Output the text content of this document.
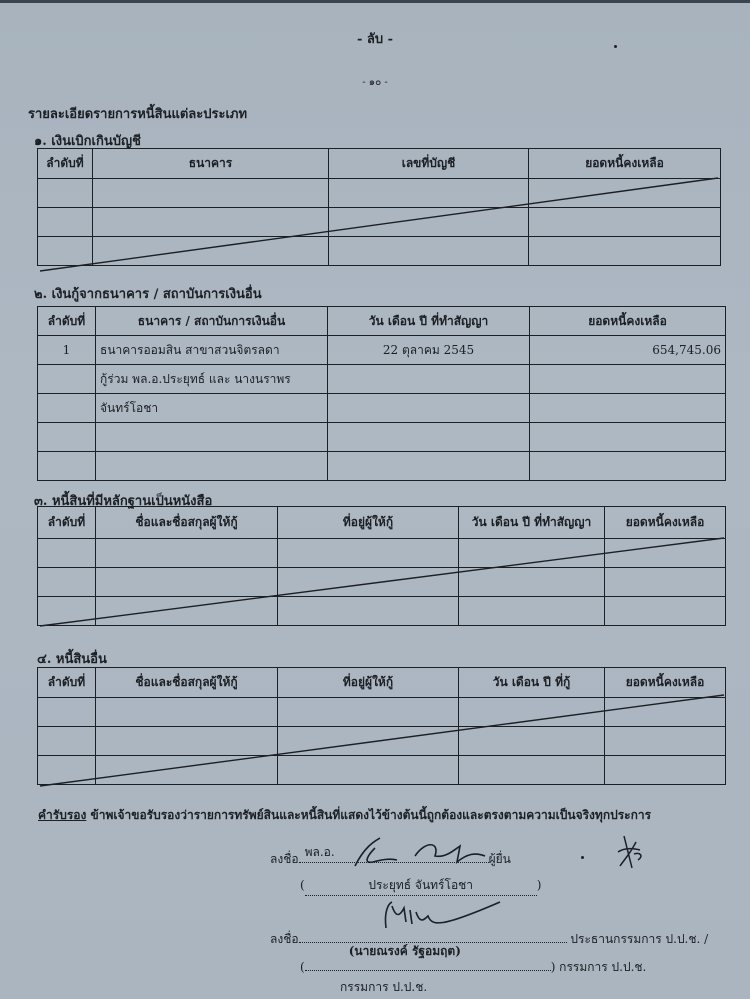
- ลับ -
- ๑๐ -
รายละเอียดรายการหนี้สินแต่ละประเภท
๑. เงินเบิกเกินบัญชี
ลำดับที่	ธนาคาร	เลขที่บัญชี	ยอดหนี้คงเหลือ

๒. เงินกู้จากธนาคาร / สถาบันการเงินอื่น
ลำดับที่	ธนาคาร / สถาบันการเงินอื่น	วัน เดือน ปี ที่ทำสัญญา	ยอดหนี้คงเหลือ
1	ธนาคารออมสิน สาขาสวนจิตรลดา	22 ตุลาคม 2545	654,745.06
	กู้ร่วม พล.อ.ประยุทธ์ และ นางนราพร		
	จันทร์โอชา		

๓. หนี้สินที่มีหลักฐานเป็นหนังสือ
ลำดับที่	ชื่อและชื่อสกุลผู้ให้กู้	ที่อยู่ผู้ให้กู้	วัน เดือน ปี ที่ทำสัญญา	ยอดหนี้คงเหลือ

๔. หนี้สินอื่น
ลำดับที่	ชื่อและชื่อสกุลผู้ให้กู้	ที่อยู่ผู้ให้กู้	วัน เดือน ปี ที่กู้	ยอดหนี้คงเหลือ

คำรับรอง ข้าพเจ้าขอรับรองว่ารายการทรัพย์สินและหนี้สินที่แสดงไว้ข้างต้นนี้ถูกต้องและตรงตามความเป็นจริงทุกประการ
ลงชื่อ พล.อ.	ผู้ยื่น
(	ประยุทธ์ จันทร์โอชา	)
ลงชื่อ	ประธานกรรมการ ป.ป.ช. /
(
(นายณรงค์ รัฐอมฤต)
) กรรมการ ป.ป.ช.
กรรมการ ป.ป.ช.
